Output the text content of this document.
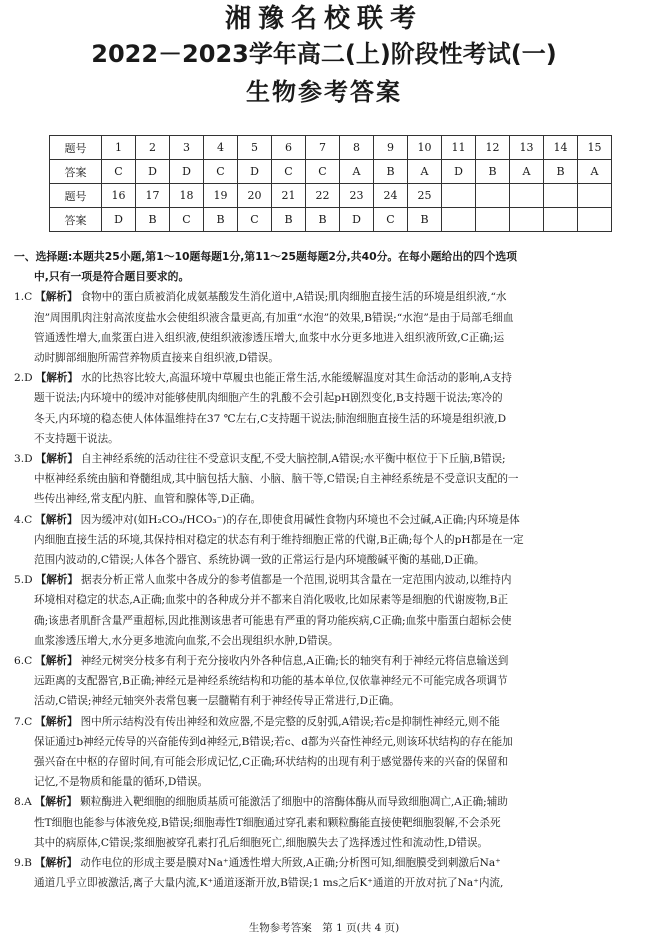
湘豫名校联考
2022－2023学年高二(上)阶段性考试(一)
生物参考答案
题号	1	2	3	4	5	6	7	8	9	10	11	12	13	14	15
答案	C	D	D	C	D	C	C	A	B	A	D	B	A	B	A
题号	16	17	18	19	20	21	22	23	24	25					
答案	D	B	C	B	C	B	B	D	C	B					
一、选择题:本题共25小题,第1～10题每题1分,第11～25题每题2分,共40分。在每小题给出的四个选项
中,只有一项是符合题目要求的。
1.C 【解析】 食物中的蛋白质被消化成氨基酸发生消化道中,A错误;肌肉细胞直接生活的环境是组织液,“水
泡”周围肌肉注射高浓度盐水会使组织液含量更高,有加重“水泡”的效果,B错误;“水泡”是由于局部毛细血
管通透性增大,血浆蛋白进入组织液,使组织液渗透压增大,血浆中水分更多地进入组织液所致,C正确;运
动时脚部细胞所需营养物质直接来自组织液,D错误。
2.D 【解析】 水的比热容比较大,高温环境中草履虫也能正常生活,水能缓解温度对其生命活动的影响,A支持
题干说法;内环境中的缓冲对能够使肌肉细胞产生的乳酸不会引起pH剧烈变化,B支持题干说法;寒冷的
冬天,内环境的稳态使人体体温维持在37 ℃左右,C支持题干说法;肺泡细胞直接生活的环境是组织液,D
不支持题干说法。
3.D 【解析】 自主神经系统的活动往往不受意识支配,不受大脑控制,A错误;水平衡中枢位于下丘脑,B错误;
中枢神经系统由脑和脊髓组成,其中脑包括大脑、小脑、脑干等,C错误;自主神经系统是不受意识支配的一
些传出神经,常支配内脏、血管和腺体等,D正确。
4.C 【解析】 因为缓冲对(如H₂CO₃/HCO₃⁻)的存在,即使食用碱性食物内环境也不会过碱,A正确;内环境是体
内细胞直接生活的环境,其保持相对稳定的状态有利于维持细胞正常的代谢,B正确;每个人的pH都是在一定
范围内波动的,C错误;人体各个器官、系统协调一致的正常运行是内环境酸碱平衡的基础,D正确。
5.D 【解析】 据表分析正常人血浆中各成分的参考值都是一个范围,说明其含量在一定范围内波动,以维持内
环境相对稳定的状态,A正确;血浆中的各种成分并不都来自消化吸收,比如尿素等是细胞的代谢废物,B正
确;该患者肌酐含量严重超标,因此推测该患者可能患有严重的肾功能疾病,C正确;血浆中脂蛋白超标会使
血浆渗透压增大,水分更多地流向血浆,不会出现组织水肿,D错误。
6.C 【解析】 神经元树突分枝多有利于充分接收内外各种信息,A正确;长的轴突有利于神经元将信息输送到
远距离的支配器官,B正确;神经元是神经系统结构和功能的基本单位,仅依靠神经元不可能完成各项调节
活动,C错误;神经元轴突外表常包裹一层髓鞘有利于神经传导正常进行,D正确。
7.C 【解析】 图中所示结构没有传出神经和效应器,不是完整的反射弧,A错误;若c是抑制性神经元,则不能
保证通过b神经元传导的兴奋能传到d神经元,B错误;若c、d都为兴奋性神经元,则该环状结构的存在能加
强兴奋在中枢的存留时间,有可能会形成记忆,C正确;环状结构的出现有利于感觉器传来的兴奋的保留和
记忆,不是物质和能量的循环,D错误。
8.A 【解析】 颗粒酶进入靶细胞的细胞质基质可能激活了细胞中的溶酶体酶从而导致细胞凋亡,A正确;辅助
性T细胞也能参与体液免疫,B错误;细胞毒性T细胞通过穿孔素和颗粒酶能直接使靶细胞裂解,不会杀死
其中的病原体,C错误;浆细胞被穿孔素打孔后细胞死亡,细胞膜失去了选择透过性和流动性,D错误。
9.B 【解析】 动作电位的形成主要是膜对Na⁺通透性增大所致,A正确;分析图可知,细胞膜受到刺激后Na⁺
通道几乎立即被激活,离子大量内流,K⁺通道逐渐开放,B错误;1 ms之后K⁺通道的开放对抗了Na⁺内流,
生物参考答案　第 1 页(共 4 页)
